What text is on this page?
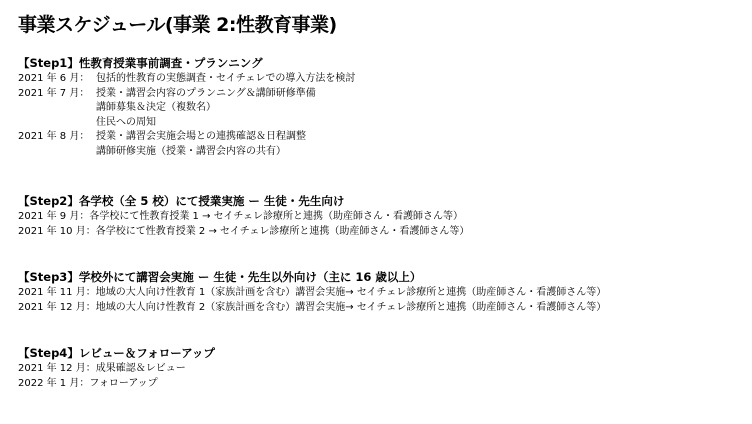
事業スケジュール(事業 2:性教育事業)
【Step1】性教育授業事前調査・プランニング
2021 年 6 月： 包括的性教育の実態調査・セイチェレでの導入方法を検討
2021 年 7 月： 授業・講習会内容のプランニング＆講師研修準備
講師募集＆決定（複数名）
住民への周知
2021 年 8 月： 授業・講習会実施会場との連携確認＆日程調整
講師研修実施（授業・講習会内容の共有）
【Step2】各学校（全 5 校）にて授業実施 ー 生徒・先生向け
2021 年 9 月： 各学校にて性教育授業 1 → セイチェレ診療所と連携（助産師さん・看護師さん等）
2021 年 10 月： 各学校にて性教育授業 2 → セイチェレ診療所と連携（助産師さん・看護師さん等）
【Step3】学校外にて講習会実施 ー 生徒・先生以外向け（主に 16 歳以上）
2021 年 11 月： 地域の大人向け性教育 1（家族計画を含む）講習会実施→ セイチェレ診療所と連携（助産師さん・看護師さん等）
2021 年 12 月： 地域の大人向け性教育 2（家族計画を含む）講習会実施→ セイチェレ診療所と連携（助産師さん・看護師さん等）
【Step4】レビュー＆フォローアップ
2021 年 12 月： 成果確認＆レビュー
2022 年 1 月： フォローアップ
